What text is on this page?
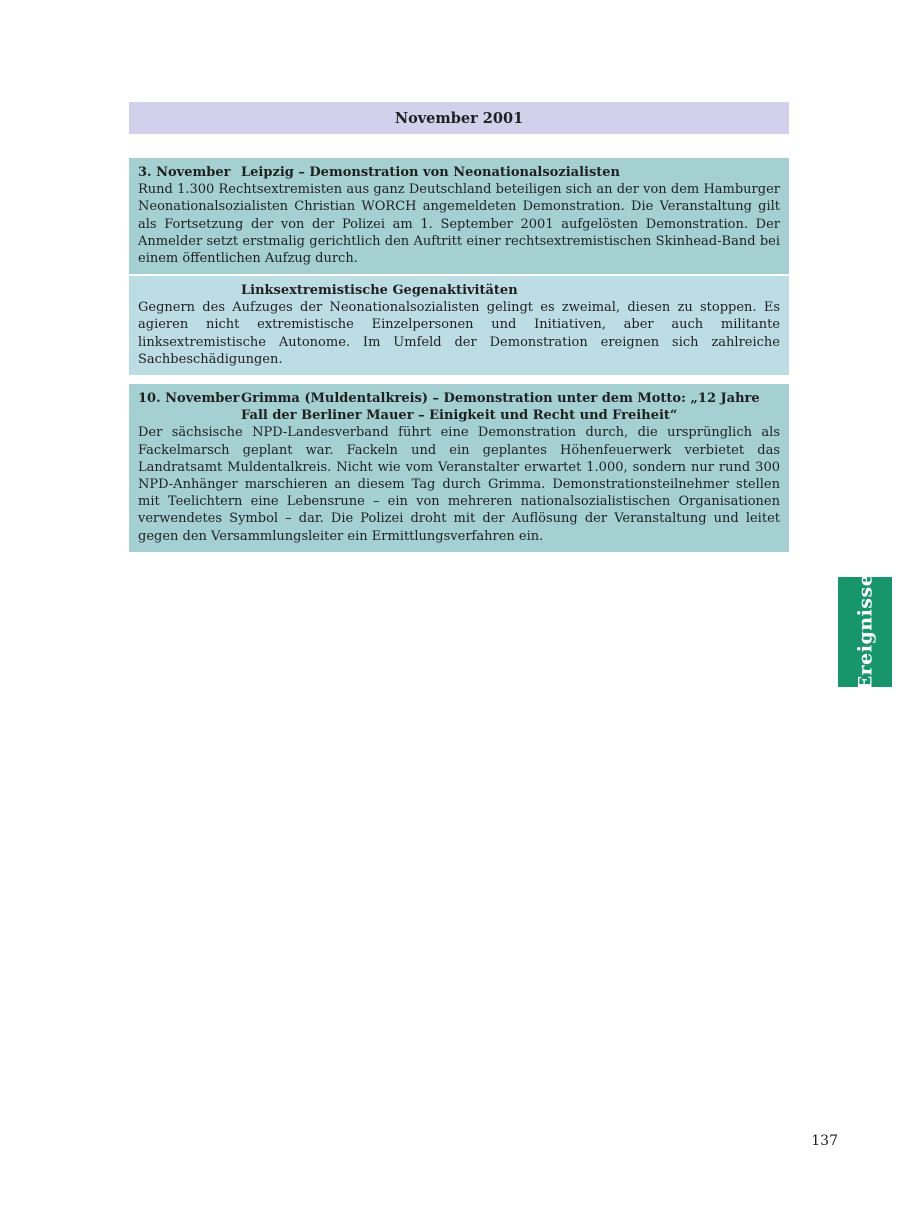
November 2001
3. November Leipzig – Demonstration von Neonationalsozialisten
Rund 1.300 Rechtsextremisten aus ganz Deutschland beteiligen sich an der von dem Hamburger Neonationalsozialisten Christian WORCH angemeldeten Demonstration. Die Veranstaltung gilt als Fortsetzung der von der Polizei am 1. September 2001 aufgelösten Demonstration. Der Anmelder setzt erstmalig gerichtlich den Auftritt einer rechtsextremistischen Skinhead-Band bei einem öffentlichen Aufzug durch.
Linksextremistische Gegenaktivitäten
Gegnern des Aufzuges der Neonationalsozialisten gelingt es zweimal, diesen zu stoppen. Es agieren nicht extremistische Einzelpersonen und Initiativen, aber auch militante linksextremistische Autonome. Im Umfeld der Demonstration ereignen sich zahlreiche Sachbeschädigungen.
10. November Grimma (Muldentalkreis) – Demonstration unter dem Motto: „12 Jahre Fall der Berliner Mauer – Einigkeit und Recht und Freiheit“
Der sächsische NPD-Landesverband führt eine Demonstration durch, die ursprünglich als Fackelmarsch geplant war. Fackeln und ein geplantes Höhenfeuerwerk verbietet das Landratsamt Muldentalkreis. Nicht wie vom Veranstalter erwartet 1.000, sondern nur rund 300 NPD-Anhänger marschieren an diesem Tag durch Grimma. Demonstrationsteilnehmer stellen mit Teelichtern eine Lebensrune – ein von mehreren nationalsozialistischen Organisationen verwendetes Symbol – dar. Die Polizei droht mit der Auflösung der Veranstaltung und leitet gegen den Versammlungsleiter ein Ermittlungsverfahren ein.
Ereignisse
137
